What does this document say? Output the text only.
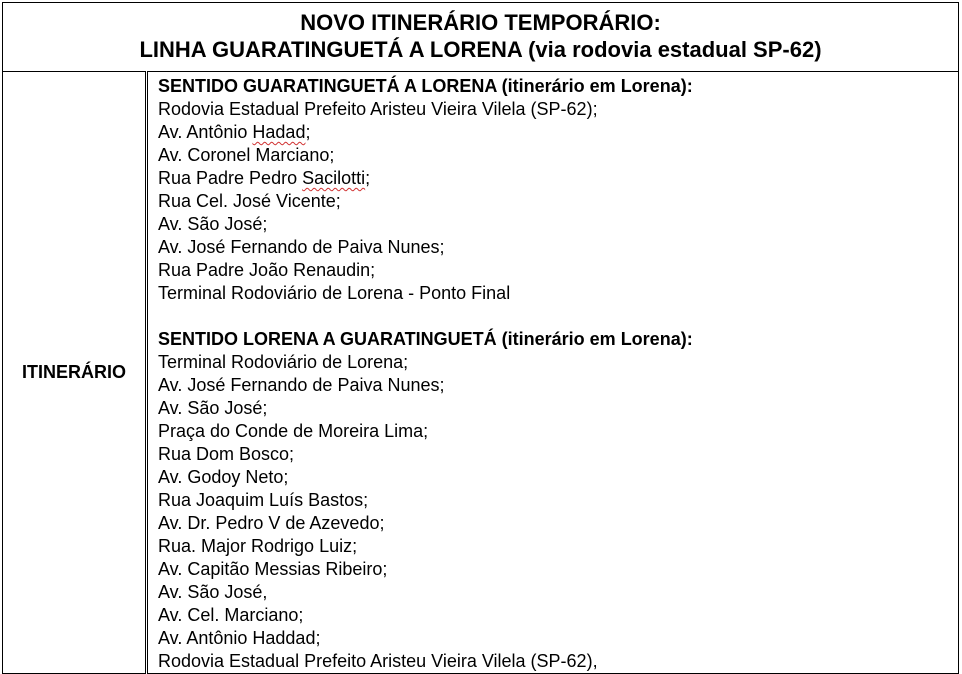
NOVO ITINERÁRIO TEMPORÁRIO:
LINHA GUARATINGUETÁ A LORENA (via rodovia estadual SP-62)

ITINERÁRIO	
SENTIDO GUARATINGUETÁ A LORENA (itinerário em Lorena):
Rodovia Estadual Prefeito Aristeu Vieira Vilela (SP-62);
Av. Antônio Hadad;
Av. Coronel Marciano;
Rua Padre Pedro Sacilotti;
Rua Cel. José Vicente;
Av. São José;
Av. José Fernando de Paiva Nunes;
Rua Padre João Renaudin;
Terminal Rodoviário de Lorena - Ponto Final
SENTIDO LORENA A GUARATINGUETÁ (itinerário em Lorena):
Terminal Rodoviário de Lorena;
Av. José Fernando de Paiva Nunes;
Av. São José;
Praça do Conde de Moreira Lima;
Rua Dom Bosco;
Av. Godoy Neto;
Rua Joaquim Luís Bastos;
Av. Dr. Pedro V de Azevedo;
Rua. Major Rodrigo Luiz;
Av. Capitão Messias Ribeiro;
Av. São José,
Av. Cel. Marciano;
Av. Antônio Haddad;
Rodovia Estadual Prefeito Aristeu Vieira Vilela (SP-62),
